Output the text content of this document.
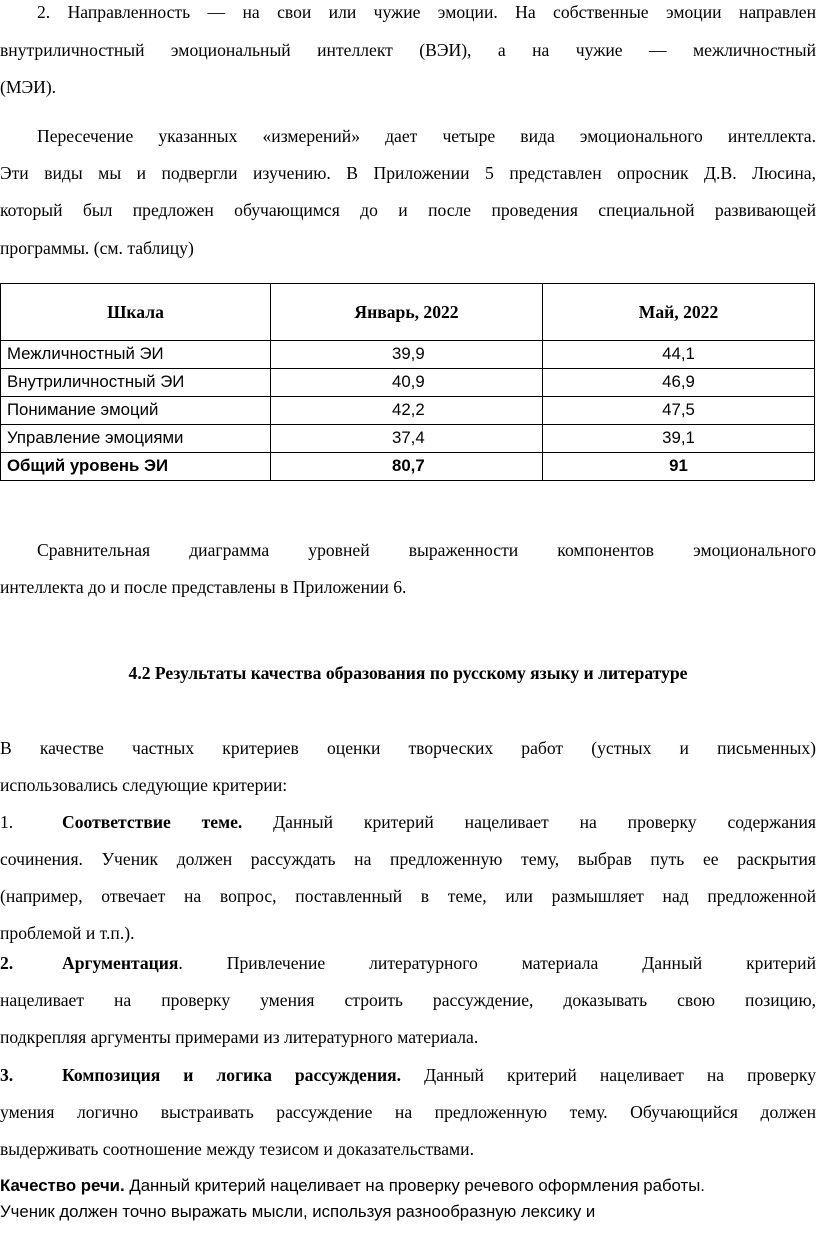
2. Направленность — на свои или чужие эмоции. На собственные эмоции направлен
внутриличностный эмоциональный интеллект (ВЭИ), а на чужие — межличностный
(МЭИ).
Пересечение указанных «измерений» дает четыре вида эмоционального интеллекта.
Эти виды мы и подвергли изучению. В Приложении 5 представлен опросник Д.В. Люсина,
который был предложен обучающимся до и после проведения специальной развивающей
программы. (см. таблицу)
Шкала	Январь, 2022	Май, 2022
Межличностный ЭИ	39,9	44,1
Внутриличностный ЭИ	40,9	46,9
Понимание эмоций	42,2	47,5
Управление эмоциями	37,4	39,1
Общий уровень ЭИ	80,7	91
Сравнительная диаграмма уровней выраженности компонентов эмоционального
интеллекта до и после представлены в Приложении 6.
4.2 Результаты качества образования по русскому языку и литературе
В качестве частных критериев оценки творческих работ (устных и письменных)
использовались следующие критерии:
1.	Соответствие теме. Данный критерий нацеливает на проверку содержания
сочинения. Ученик должен рассуждать на предложенную тему, выбрав путь ее раскрытия
(например, отвечает на вопрос, поставленный в теме, или размышляет над предложенной
проблемой и т.п.).
2.	Аргументация. Привлечение литературного материала Данный критерий
нацеливает на проверку умения строить рассуждение, доказывать свою позицию,
подкрепляя аргументы примерами из литературного материала.
3.	Композиция и логика рассуждения. Данный критерий нацеливает на проверку
умения логично выстраивать рассуждение на предложенную тему. Обучающийся должен
выдерживать соотношение между тезисом и доказательствами.
Качество речи. Данный критерий нацеливает на проверку речевого оформления работы.
Ученик должен точно выражать мысли, используя разнообразную лексику и
